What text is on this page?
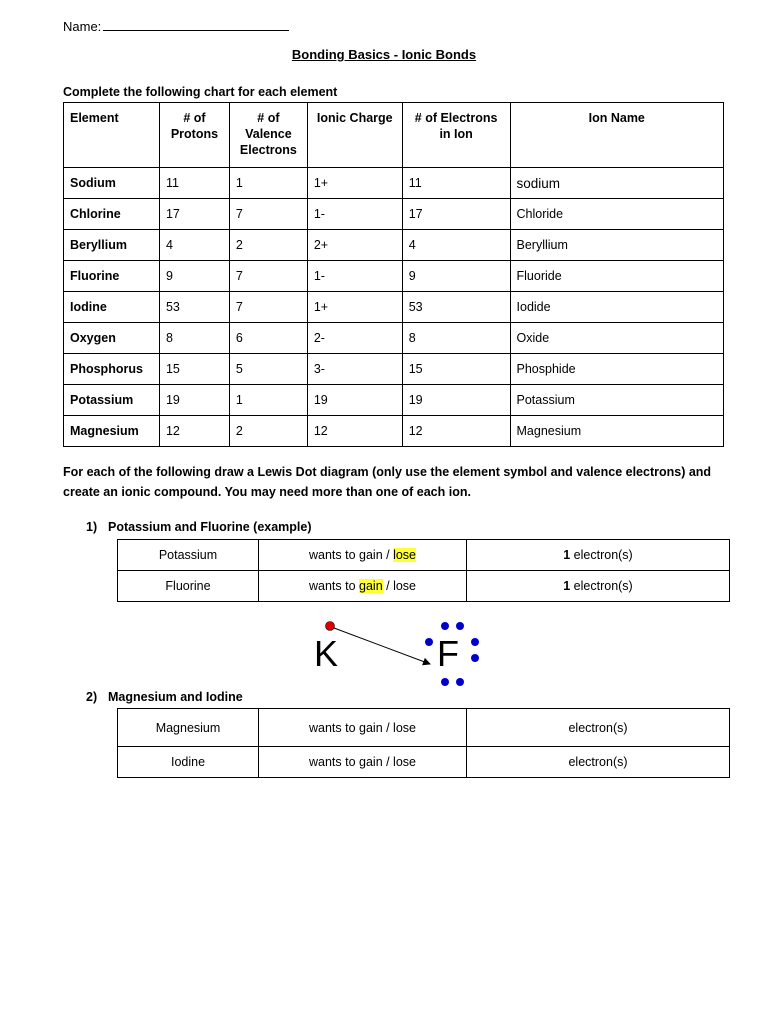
Name:
Bonding Basics - Ionic Bonds
Complete the following chart for each element
Element	# of Protons	# of Valence Electrons	Ionic Charge	# of Electrons in Ion	Ion Name
Sodium	11	1	1+	11	sodium
Chlorine	17	7	1-	17	Chloride
Beryllium	4	2	2+	4	Beryllium
Fluorine	9	7	1-	9	Fluoride
Iodine	53	7	1+	53	Iodide
Oxygen	8	6	2-	8	Oxide
Phosphorus	15	5	3-	15	Phosphide
Potassium	19	1	19	19	Potassium
Magnesium	12	2	12	12	Magnesium
For each of the following draw a Lewis Dot diagram (only use the element symbol and valence electrons) and create an ionic compound. You may need more than one of each ion.
1) Potassium and Fluorine (example)
Potassium	wants to gain / lose	1 electron(s)
Fluorine	wants to gain / lose	1 electron(s)
K	F
2) Magnesium and Iodine
Magnesium	wants to gain / lose	electron(s)
Iodine	wants to gain / lose	electron(s)
